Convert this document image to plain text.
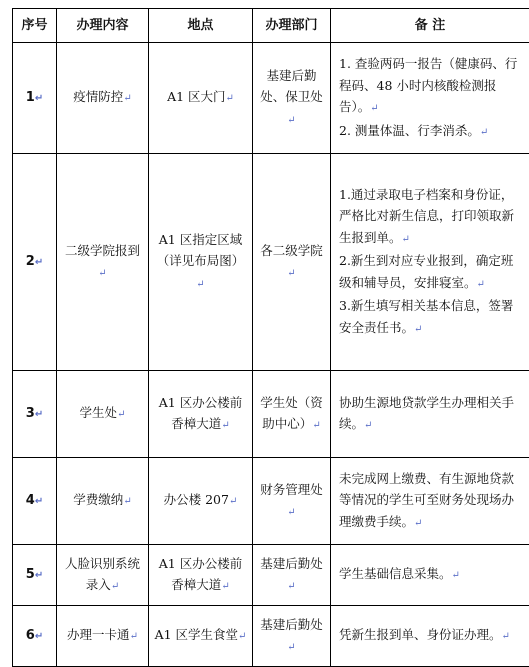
序号	办理内容	地点	办理部门	备 注
1↵	疫情防控↵	A1 区大门↵	基建后勤处、保卫处↵	1. 查验两码一报告（健康码、行程码、48 小时内核酸检测报告）。↵

2. 测量体温、行李消杀。↵

2↵	二级学院报到↵	A1 区指定区域（详见布局图）↵	各二级学院↵	1.通过录取电子档案和身份证，严格比对新生信息，打印领取新生报到单。↵

2.新生到对应专业报到，确定班级和辅导员，安排寝室。↵

3.新生填写相关基本信息，签署安全责任书。↵

3↵	学生处↵	A1 区办公楼前香樟大道↵	学生处（资助中心）↵	协助生源地贷款学生办理相关手续。↵

4↵	学费缴纳↵	办公楼 207↵	财务管理处↵	未完成网上缴费、有生源地贷款等情况的学生可至财务处现场办理缴费手续。↵

5↵	人脸识别系统录入↵	A1 区办公楼前香樟大道↵	基建后勤处↵	学生基础信息采集。↵

6↵	办理一卡通↵	A1 区学生食堂↵	基建后勤处↵	凭新生报到单、身份证办理。↵
